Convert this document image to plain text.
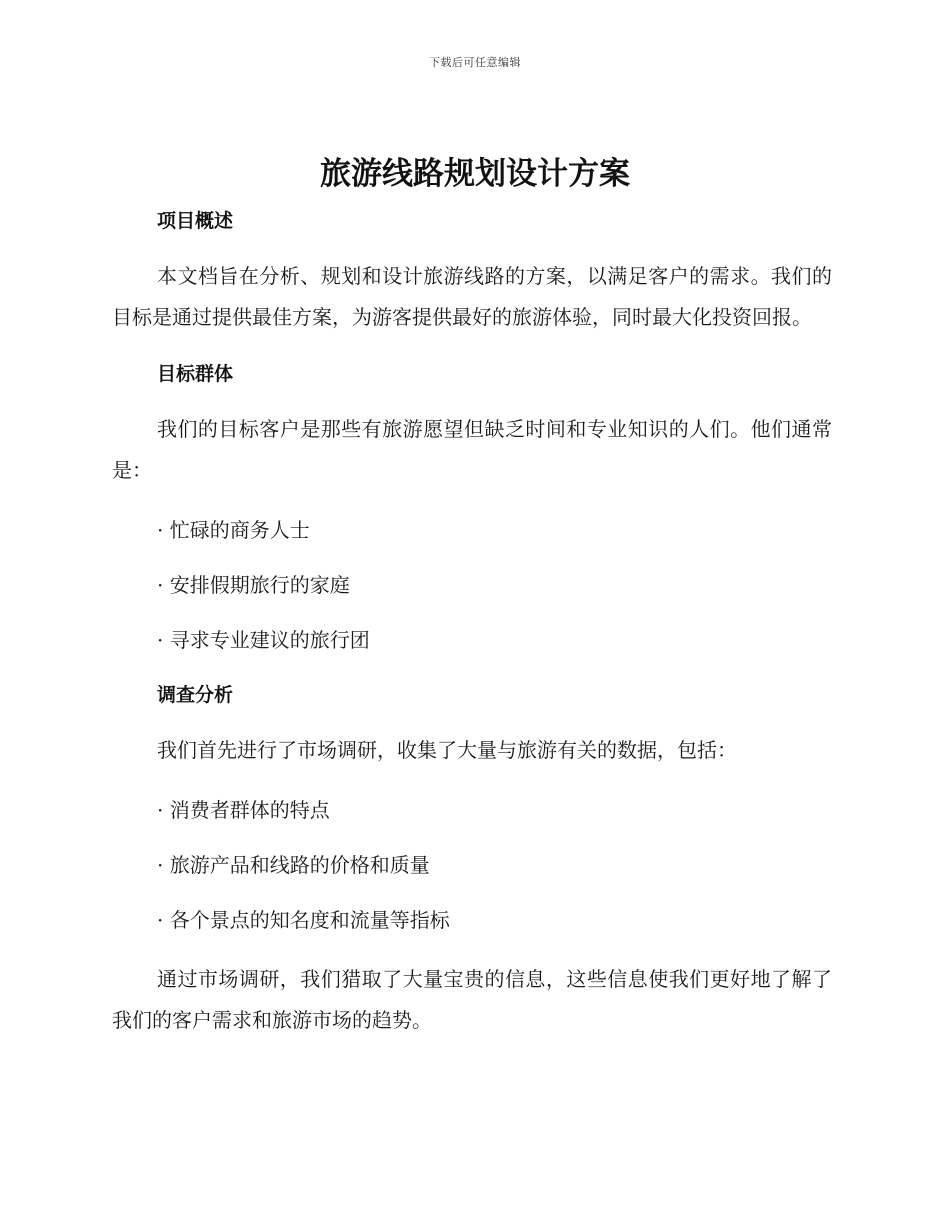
下载后可任意编辑
旅游线路规划设计方案
项目概述

本文档旨在分析、规划和设计旅游线路的方案，以满足客户的需求。我们的目标是通过提供最佳方案，为游客提供最好的旅游体验，同时最大化投资回报。

目标群体

我们的目标客户是那些有旅游愿望但缺乏时间和专业知识的人们。他们通常是：

· 忙碌的商务人士

· 安排假期旅行的家庭

· 寻求专业建议的旅行团

调查分析

我们首先进行了市场调研，收集了大量与旅游有关的数据，包括：

· 消费者群体的特点

· 旅游产品和线路的价格和质量

· 各个景点的知名度和流量等指标

通过市场调研，我们猎取了大量宝贵的信息，这些信息使我们更好地了解了我们的客户需求和旅游市场的趋势。
